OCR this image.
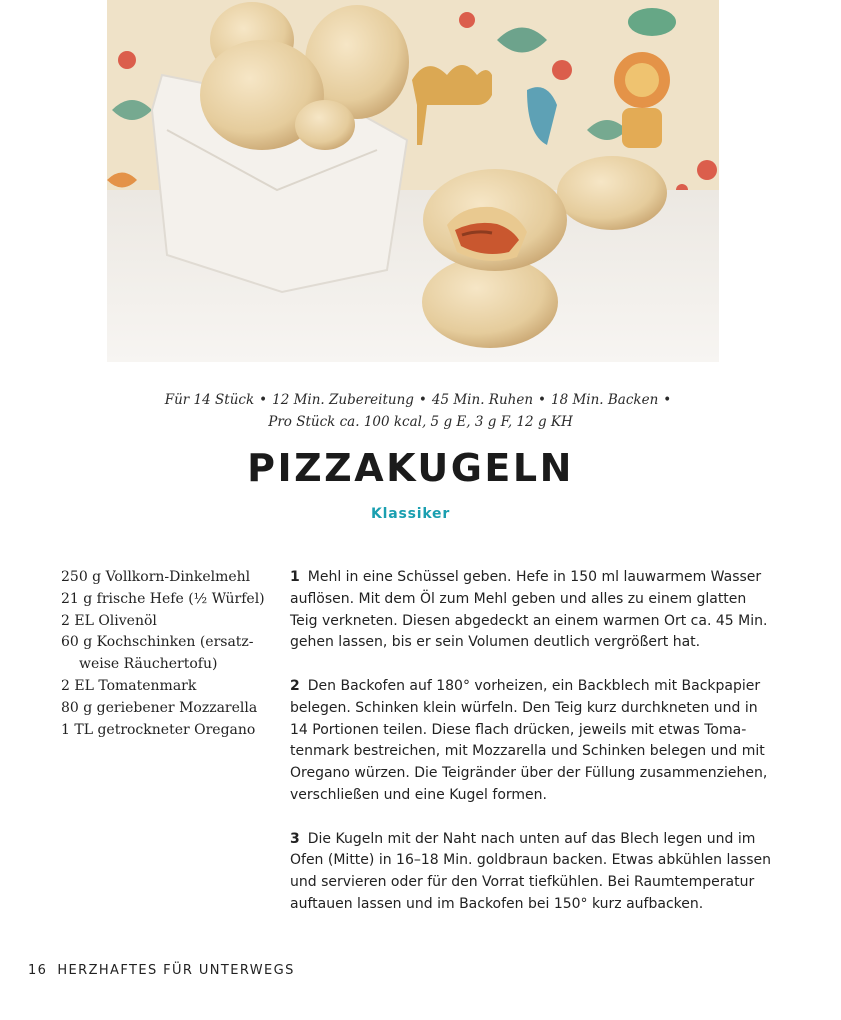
Für 14 Stück • 12 Min. Zubereitung • 45 Min. Ruhen • 18 Min. Backen •
Pro Stück ca. 100 kcal, 5 g E, 3 g F, 12 g KH
PIZZAKUGELN
Klassiker
250 g Vollkorn-Dinkelmehl
21 g frische Hefe (½ Würfel)
2 EL Olivenöl
60 g Kochschinken (ersatz-
weise Räuchertofu)
2 EL Tomatenmark
80 g geriebener Mozzarella
1 TL getrockneter Oregano
1 Mehl in eine Schüssel geben. Hefe in 150 ml lauwarmem Wasser
auflösen. Mit dem Öl zum Mehl geben und alles zu einem glatten
Teig verkneten. Diesen abgedeckt an einem warmen Ort ca. 45 Min.
gehen lassen, bis er sein Volumen deutlich vergrößert hat.
2 Den Backofen auf 180° vorheizen, ein Backblech mit Backpapier
belegen. Schinken klein würfeln. Den Teig kurz durchkneten und in
14 Portionen teilen. Diese flach drücken, jeweils mit etwas Toma-
tenmark bestreichen, mit Mozzarella und Schinken belegen und mit
Oregano würzen. Die Teigränder über der Füllung zusammenziehen,
verschließen und eine Kugel formen.
3 Die Kugeln mit der Naht nach unten auf das Blech legen und im
Ofen (Mitte) in 16–18 Min. goldbraun backen. Etwas abkühlen lassen
und servieren oder für den Vorrat tiefkühlen. Bei Raumtemperatur
auftauen lassen und im Backofen bei 150° kurz aufbacken.
16 HERZHAFTES FÜR UNTERWEGS
